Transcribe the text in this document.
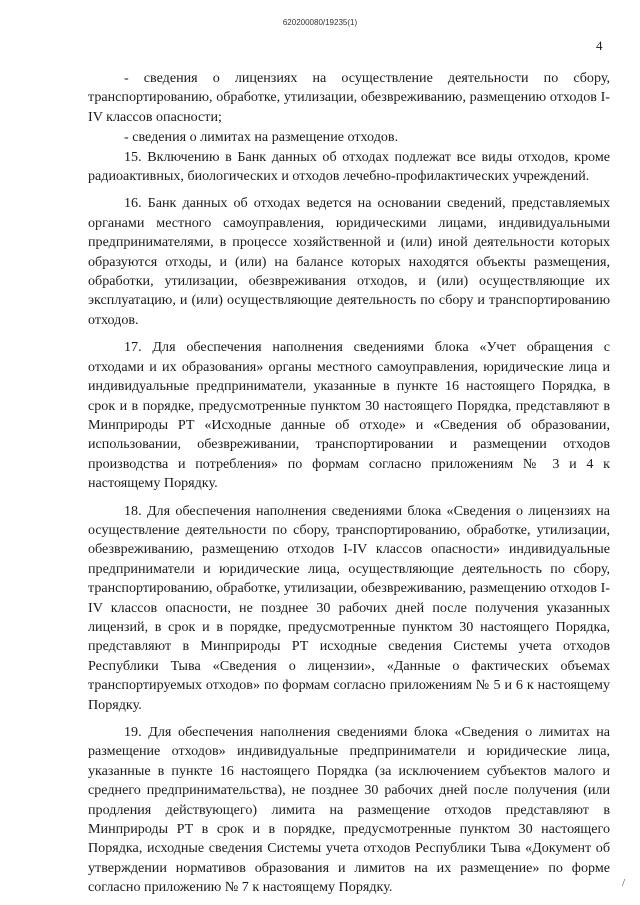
620200080/19235(1)
4

- сведения о лицензиях на осуществление деятельности по сбору, транспортированию, обработке, утилизации, обезвреживанию, размещению отходов I-IV классов опасности;

- сведения о лимитах на размещение отходов.

15. Включению в Банк данных об отходах подлежат все виды отходов, кроме радиоактивных, биологических и отходов лечебно-профилактических учреждений.

16. Банк данных об отходах ведется на основании сведений, представляемых органами местного самоуправления, юридическими лицами, индивидуальными предпринимателями, в процессе хозяйственной и (или) иной деятельности которых образуются отходы, и (или) на балансе которых находятся объекты размещения, обработки, утилизации, обезвреживания отходов, и (или) осуществляющие их эксплуатацию, и (или) осуществляющие деятельность по сбору и транспортированию отходов.

17. Для обеспечения наполнения сведениями блока «Учет обращения с отходами и их образования» органы местного самоуправления, юридические лица и индивидуальные предприниматели, указанные в пункте 16 настоящего Порядка, в срок и в порядке, предусмотренные пунктом 30 настоящего Порядка, представляют в Минприроды РТ «Исходные данные об отходе» и «Сведения об образовании, использовании, обезвреживании, транспортировании и размещении отходов производства и потребления» по формам согласно приложениям № 3 и 4 к настоящему Порядку.

18. Для обеспечения наполнения сведениями блока «Сведения о лицензиях на осуществление деятельности по сбору, транспортированию, обработке, утилизации, обезвреживанию, размещению отходов I-IV классов опасности» индивидуальные предприниматели и юридические лица, осуществляющие деятельность по сбору, транспортированию, обработке, утилизации, обезвреживанию, размещению отходов I-IV классов опасности, не позднее 30 рабочих дней после получения указанных лицензий, в срок и в порядке, предусмотренные пунктом 30 настоящего Порядка, представляют в Минприроды РТ исходные сведения Системы учета отходов Республики Тыва «Сведения о лицензии», «Данные о фактических объемах транспортируемых отходов» по формам согласно приложениям № 5 и 6 к настоящему Порядку.

19. Для обеспечения наполнения сведениями блока «Сведения о лимитах на размещение отходов» индивидуальные предприниматели и юридические лица, указанные в пункте 16 настоящего Порядка (за исключением субъектов малого и среднего предпринимательства), не позднее 30 рабочих дней после получения (или продления действующего) лимита на размещение отходов представляют в Минприроды РТ в срок и в порядке, предусмотренные пунктом 30 настоящего Порядка, исходные сведения Системы учета отходов Республики Тыва «Документ об утверждении нормативов образования и лимитов на их размещение» по форме согласно приложению № 7 к настоящему Порядку.	/
